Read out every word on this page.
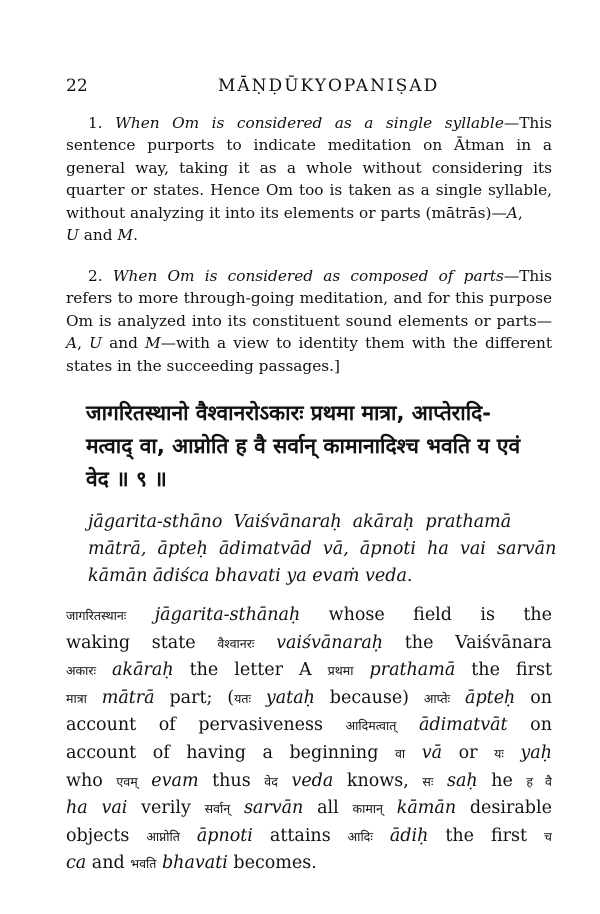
22	MĀṆḌŪKYOPANIṢAD
1. When Om is considered as a single syllable—This sentence purports to indicate meditation on Ātman in a general way, taking it as a whole without considering its quarter or states. Hence Om too is taken as a single syllable, without analyzing it into its elements or parts (mātrās)—A,
U and M.
2. When Om is considered as composed of parts—This refers to more through-going meditation, and for this purpose Om is analyzed into its constituent sound elements or parts—A, U and M—with a view to identity them with the different states in the succeeding passages.]
जागरितस्थानो वैश्वानरोऽकारः प्रथमा मात्रा, आप्तेरादि-
मत्वाद् वा, आप्नोति ह वै सर्वान् कामानादिश्च भवति य एवं
वेद ॥ ९ ॥
jāgarita-sthāno  Vaiśvānaraḥ  akāraḥ  prathamā
mātrā,  āpteḥ  ādimatvād  vā,  āpnoti  ha  vai  sarvān
kāmān ādiśca bhavati ya evaṁ veda.
जागरितस्थानः jāgarita-sthānaḥ whose field is the
waking state वैश्वानरः vaiśvānaraḥ the Vaiśvānara
अकारः akāraḥ the letter A प्रथमा prathamā the first
मात्रा mātrā part; (यतः yataḥ because) आप्तेः āpteḥ on
account of pervasiveness आदिमत्वात् ādimatvāt on
account of having a beginning वा vā or यः yaḥ
who एवम् evam thus वेद veda knows, सः saḥ he ह वै
ha vai verily सर्वान् sarvān all कामान् kāmān desirable
objects आप्नोति āpnoti attains आदिः ādiḥ the first च
ca and भवति bhavati becomes.
